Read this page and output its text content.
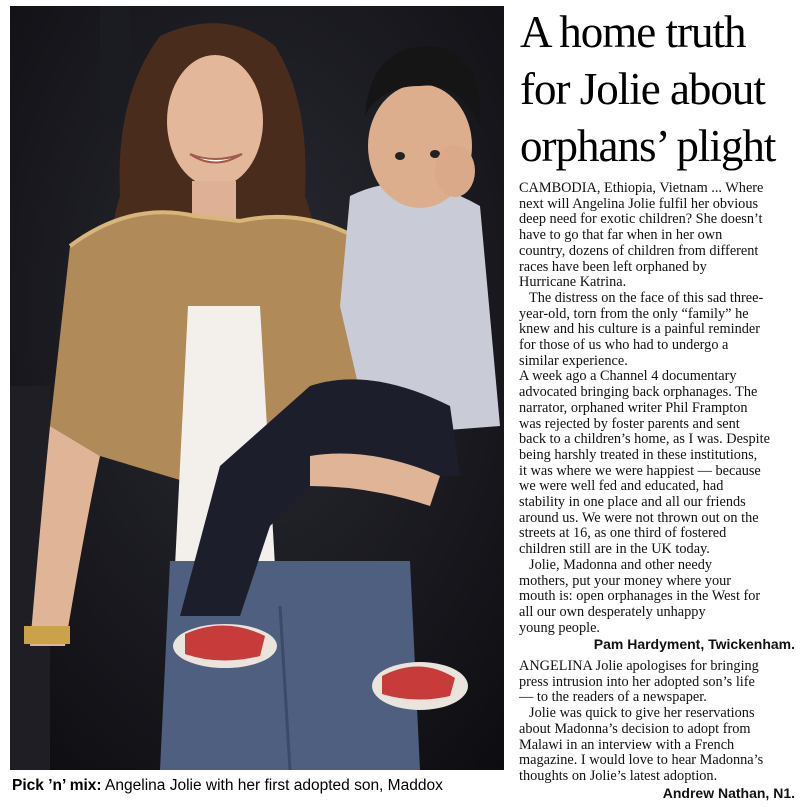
Pick ’n’ mix: Angelina Jolie with her first adopted son, Maddox
A home truth
for Jolie about
orphans’ plight
CAMBODIA, Ethiopia, Vietnam ... Where
next will Angelina Jolie fulfil her obvious
deep need for exotic children? She doesn’t
have to go that far when in her own
country, dozens of children from different
races have been left orphaned by
Hurricane Katrina.
The distress on the face of this sad three-
year-old, torn from the only “family” he
knew and his culture is a painful reminder
for those of us who had to undergo a
similar experience.
A week ago a Channel 4 documentary
advocated bringing back orphanages. The
narrator, orphaned writer Phil Frampton
was rejected by foster parents and sent
back to a children’s home, as I was. Despite
being harshly treated in these institutions,
it was where we were happiest — because
we were well fed and educated, had
stability in one place and all our friends
around us. We were not thrown out on the
streets at 16, as one third of fostered
children still are in the UK today.
Jolie, Madonna and other needy
mothers, put your money where your
mouth is: open orphanages in the West for
all our own desperately unhappy
young people.
Pam Hardyment, Twickenham.
ANGELINA Jolie apologises for bringing
press intrusion into her adopted son’s life
— to the readers of a newspaper.
Jolie was quick to give her reservations
about Madonna’s decision to adopt from
Malawi in an interview with a French
magazine. I would love to hear Madonna’s
thoughts on Jolie’s latest adoption.
Andrew Nathan, N1.
